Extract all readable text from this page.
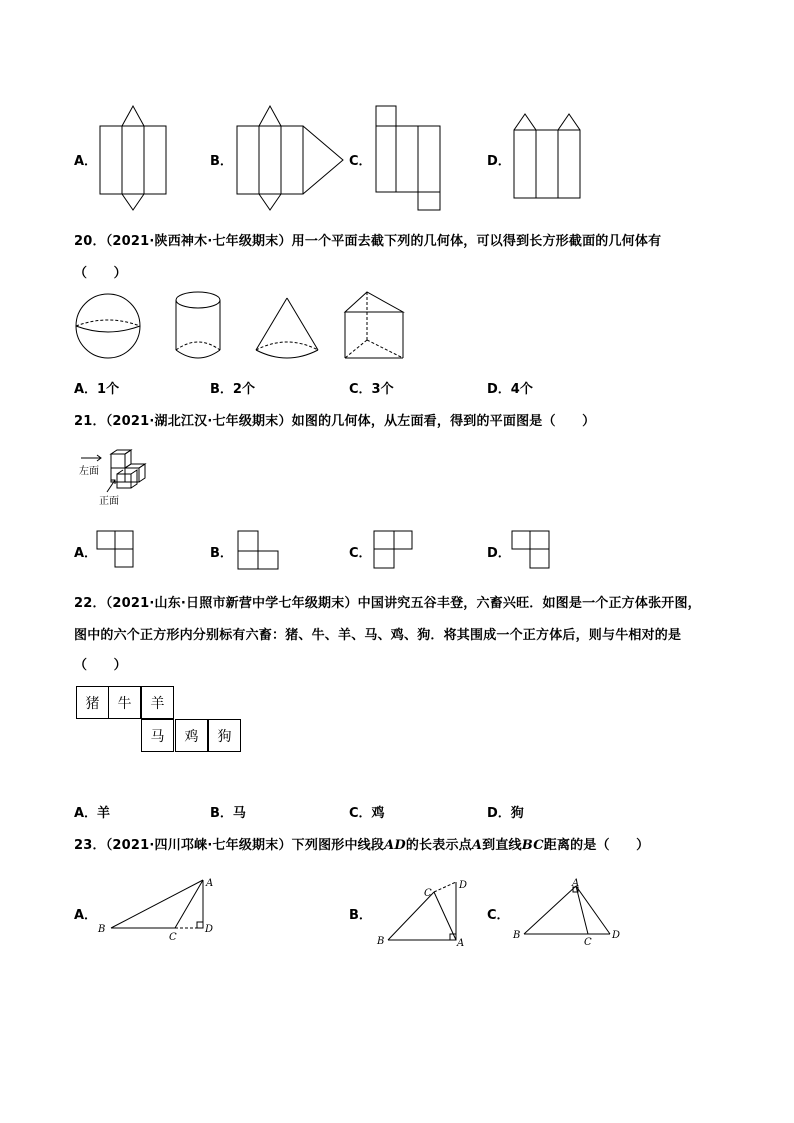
A．	B．	C．	D．
20．（2021·陕西神木·七年级期末）用一个平面去截下列的几何体，可以得到长方形截面的几何体有
（　　）
A．1个	B．2个	C．3个	D．4个
21．（2021·湖北江汉·七年级期末）如图的几何体，从左面看，得到的平面图是（　　）
左面
正面
A．	B．	C．	D．
22．（2021·山东·日照市新营中学七年级期末）中国讲究五谷丰登，六畜兴旺．如图是一个正方体张开图，
图中的六个正方形内分别标有六畜：猪、牛、羊、马、鸡、狗．将其围成一个正方体后，则与牛相对的是
（　　）
猪	牛	羊
马	鸡	狗
A．羊	B．马	C．鸡	D．狗
23．（2021·四川邛崃·七年级期末）下列图形中线段AD的长表示点A到直线BC距离的是（　　）
A．
A
B
C
D
B．
C
D
B	A
C．
A
B
C
D
